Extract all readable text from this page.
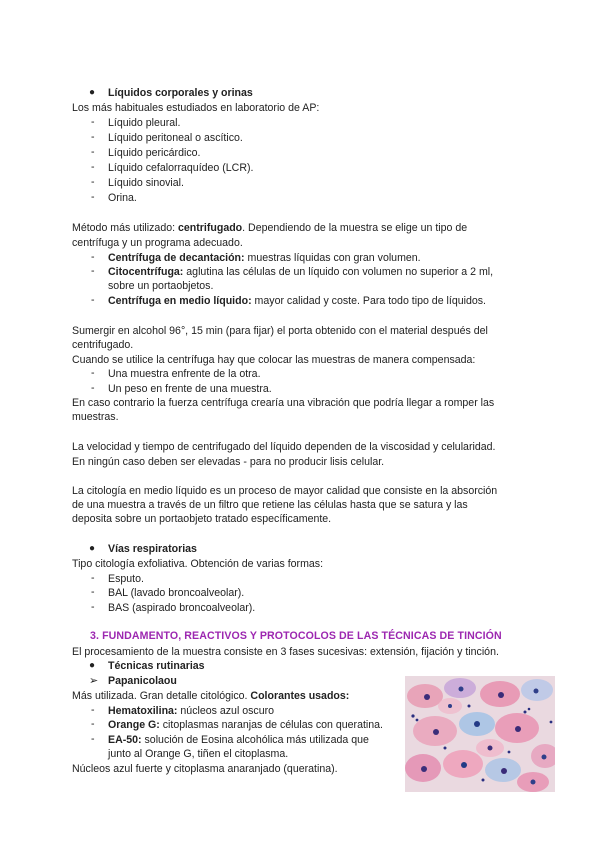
● Líquidos corporales y orinas
Los más habituales estudiados en laboratorio de AP:
- Líquido pleural.
- Líquido peritoneal o ascítico.
- Líquido pericárdico.
- Líquido cefalorraquídeo (LCR).
- Líquido sinovial.
- Orina.
Método más utilizado: centrifugado. Dependiendo de la muestra se elige un tipo de
centrífuga y un programa adecuado.
- Centrífuga de decantación: muestras líquidas con gran volumen.
- Citocentrífuga: aglutina las células de un líquido con volumen no superior a 2 ml,
sobre un portaobjetos.
- Centrífuga en medio líquido: mayor calidad y coste. Para todo tipo de líquidos.
Sumergir en alcohol 96°, 15 min (para fijar) el porta obtenido con el material después del
centrifugado.
Cuando se utilice la centrífuga hay que colocar las muestras de manera compensada:
- Una muestra enfrente de la otra.
- Un peso en frente de una muestra.
En caso contrario la fuerza centrífuga crearía una vibración que podría llegar a romper las
muestras.
La velocidad y tiempo de centrifugado del líquido dependen de la viscosidad y celularidad.
En ningún caso deben ser elevadas - para no producir lisis celular.
La citología en medio líquido es un proceso de mayor calidad que consiste en la absorción
de una muestra a través de un filtro que retiene las células hasta que se satura y las
deposita sobre un portaobjeto tratado específicamente.
● Vías respiratorias
Tipo citología exfoliativa. Obtención de varias formas:
- Esputo.
- BAL (lavado broncoalveolar).
- BAS (aspirado broncoalveolar).
3. FUNDAMENTO, REACTIVOS Y PROTOCOLOS DE LAS TÉCNICAS DE TINCIÓN
El procesamiento de la muestra consiste en 3 fases sucesivas: extensión, fijación y tinción.
● Técnicas rutinarias
➢ Papanicolaou
Más utilizada. Gran detalle citológico. Colorantes usados:
- Hematoxilina: núcleos azul oscuro
- Orange G: citoplasmas naranjas de células con queratina.
- EA-50: solución de Eosina alcohólica más utilizada que
junto al Orange G, tiñen el citoplasma.
Núcleos azul fuerte y citoplasma anaranjado (queratina).
